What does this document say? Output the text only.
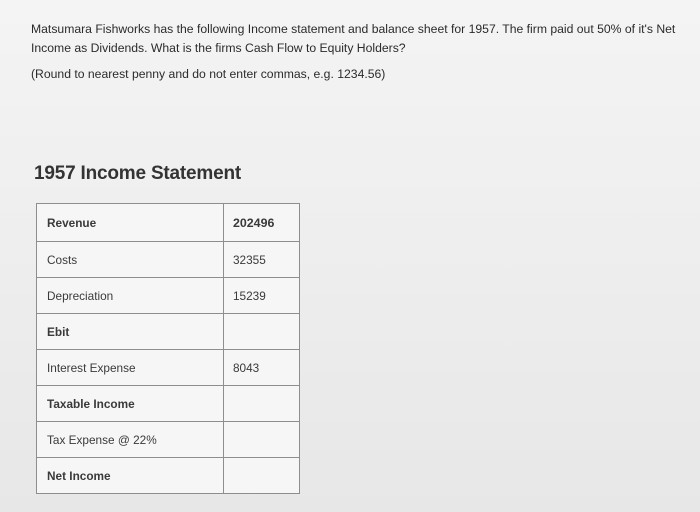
Matsumara Fishworks has the following Income statement and balance sheet for 1957. The firm paid out 50% of it's Net

Income as Dividends. What is the firms Cash Flow to Equity Holders?

(Round to nearest penny and do not enter commas, e.g. 1234.56)

1957 Income Statement
Revenue	202496
Costs	32355
Depreciation	15239
Ebit	
Interest Expense	8043
Taxable Income	
Tax Expense @ 22%	
Net Income	
